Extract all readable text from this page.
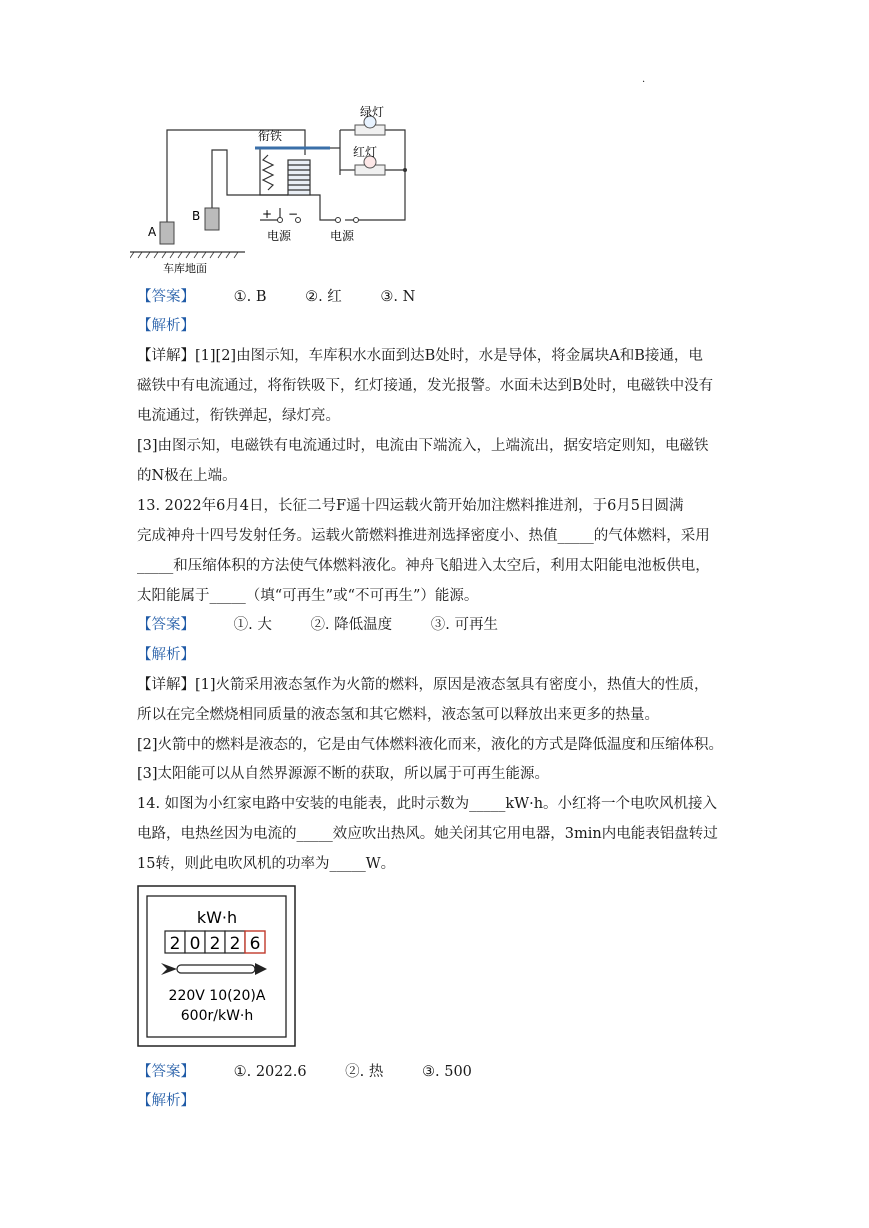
.
绿灯
衔铁
红灯
A
B	+ −
电源	电源
车库地面
【答案】	①. B	②. 红	③. N
【解析】
【详解】[1][2]由图示知，车库积水水面到达B处时，水是导体，将金属块A和B接通，电
磁铁中有电流通过，将衔铁吸下，红灯接通，发光报警。水面未达到B处时，电磁铁中没有
电流通过，衔铁弹起，绿灯亮。
[3]由图示知，电磁铁有电流通过时，电流由下端流入，上端流出，据安培定则知，电磁铁
的N极在上端。
13. 2022年6月4日，长征二号F遥十四运载火箭开始加注燃料推进剂，于6月5日圆满
完成神舟十四号发射任务。运载火箭燃料推进剂选择密度小、热值_____的气体燃料，采用
_____和压缩体积的方法使气体燃料液化。神舟飞船进入太空后，利用太阳能电池板供电，
太阳能属于_____（填“可再生”或“不可再生”）能源。
【答案】	①. 大	②. 降低温度	③. 可再生
【解析】
【详解】[1]火箭采用液态氢作为火箭的燃料，原因是液态氢具有密度小，热值大的性质，
所以在完全燃烧相同质量的液态氢和其它燃料，液态氢可以释放出来更多的热量。
[2]火箭中的燃料是液态的，它是由气体燃料液化而来，液化的方式是降低温度和压缩体积。
[3]太阳能可以从自然界源源不断的获取，所以属于可再生能源。
14. 如图为小红家电路中安装的电能表，此时示数为_____kW·h。小红将一个电吹风机接入
电路，电热丝因为电流的_____效应吹出热风。她关闭其它用电器，3min内电能表铝盘转过
15转，则此电吹风机的功率为_____W。
kW·h
2 0 2 2 6
220V 10(20)A
600r/kW·h
【答案】	①. 2022.6	②. 热	③. 500
【解析】
